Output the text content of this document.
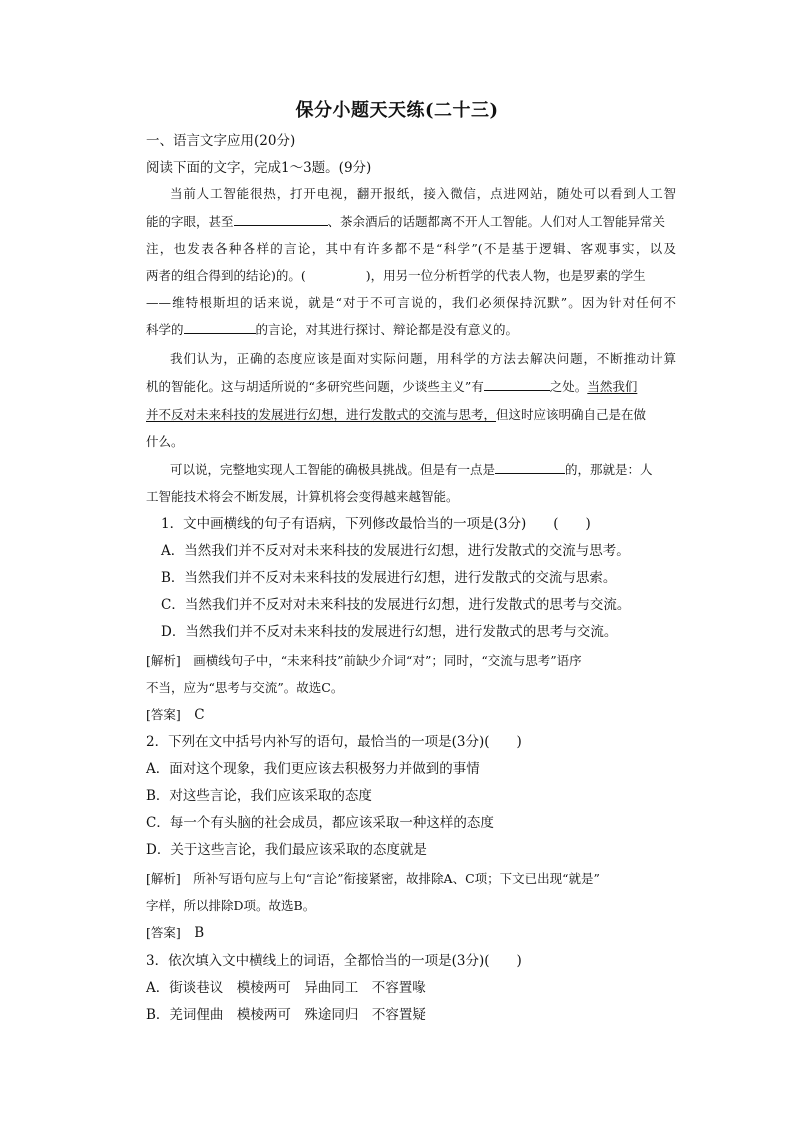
保分小题天天练(二十三)
一、语言文字应用(20分)
阅读下面的文字，完成1～3题。(9分)
当前人工智能很热，打开电视，翻开报纸，接入微信，点进网站，随处可以看到人工智
能的字眼，甚至	、茶余酒后的话题都离不开人工智能。人们对人工智能异常关
注，也发表各种各样的言论，其中有许多都不是“科学”(不是基于逻辑、客观事实，以及
两者的组合得到的结论)的。(	)，用另一位分析哲学的代表人物，也是罗素的学生
——维特根斯坦的话来说，就是“对于不可言说的，我们必须保持沉默”。因为针对任何不
科学的	的言论，对其进行探讨、辩论都是没有意义的。
我们认为，正确的态度应该是面对实际问题，用科学的方法去解决问题，不断推动计算
机的智能化。这与胡适所说的“多研究些问题，少谈些主义”有	之处。当然我们
并不反对未来科技的发展进行幻想，进行发散式的交流与思考，但这时应该明确自己是在做
什么。
可以说，完整地实现人工智能的确极具挑战。但是有一点是	的，那就是：人
工智能技术将会不断发展，计算机将会变得越来越智能。
1．文中画横线的句子有语病，下列修改最恰当的一项是(3分)　　(　　)
A．当然我们并不反对对未来科技的发展进行幻想，进行发散式的交流与思考。
B．当然我们并不反对未来科技的发展进行幻想，进行发散式的交流与思索。
C．当然我们并不反对对未来科技的发展进行幻想，进行发散式的思考与交流。
D．当然我们并不反对未来科技的发展进行幻想，进行发散式的思考与交流。
[解析]　画横线句子中，“未来科技”前缺少介词“对”；同时，“交流与思考”语序
不当，应为“思考与交流”。故选C。
[答案]　C
2．下列在文中括号内补写的语句，最恰当的一项是(3分)(　　)
A．面对这个现象，我们更应该去积极努力并做到的事情
B．对这些言论，我们应该采取的态度
C．每一个有头脑的社会成员，都应该采取一种这样的态度
D．关于这些言论，我们最应该采取的态度就是
[解析]　所补写语句应与上句“言论”衔接紧密，故排除A、C项；下文已出现“就是”
字样，所以排除D项。故选B。
[答案]　B
3．依次填入文中横线上的词语，全都恰当的一项是(3分)(　　)
A．街谈巷议　模棱两可　异曲同工　不容置喙
B．羌词俚曲　模棱两可　殊途同归　不容置疑
